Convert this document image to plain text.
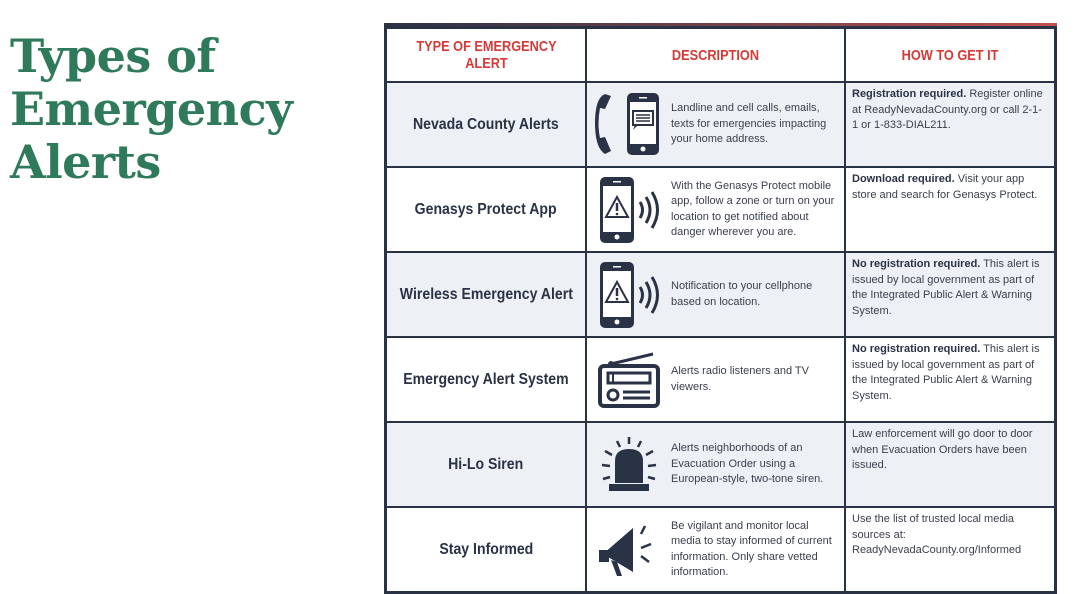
Types of
Emergency
Alerts
TYPE OF EMERGENCY ALERT	DESCRIPTION	HOW TO GET IT

Nevada County Alerts	Landline and cell calls, emails, texts for emergencies impacting your home address.	Registration required. Register online at ReadyNevadaCounty.org or call 2-1-1 or 1-833-DIAL211.
Genasys Protect App	With the Genasys Protect mobile app, follow a zone or turn on your location to get notified about danger wherever you are.	Download required. Visit your app store and search for Genasys Protect.
Wireless Emergency Alert	Notification to your cellphone based on location.	No registration required. This alert is issued by local government as part of the Integrated Public Alert & Warning System.
Emergency Alert System	Alerts radio listeners and TV viewers.	No registration required. This alert is issued by local government as part of the Integrated Public Alert & Warning System.
Hi-Lo Siren	Alerts neighborhoods of an Evacuation Order using a European-style, two-tone siren.	Law enforcement will go door to door when Evacuation Orders have been issued.
Stay Informed	Be vigilant and monitor local media to stay informed of current information. Only share vetted information.	Use the list of trusted local media sources at: ReadyNevadaCounty.org/Informed
